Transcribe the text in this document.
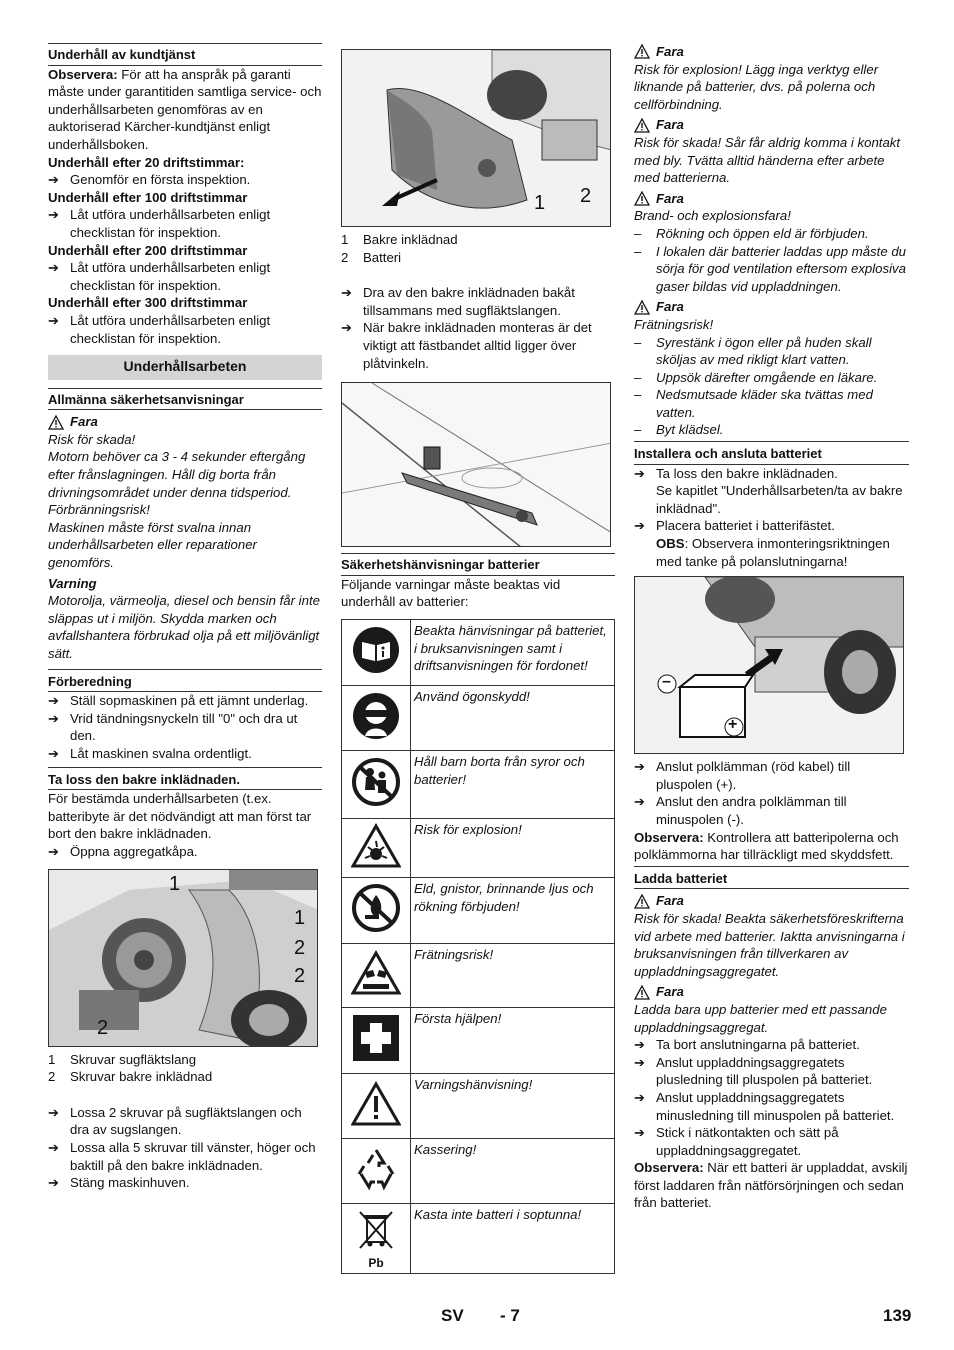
Underhåll av kundtjänst

Observera: För att ha anspråk på garanti måste under garantitiden samtliga service- och underhållsarbeten genomföras av en auktoriserad Kärcher-kundtjänst enligt underhållsboken.

Underhåll efter 20 driftstimmar:

➔ Genomför en första inspektion.

Underhåll efter 100 driftstimmar

➔ Låt utföra underhållsarbeten enligt checklistan för inspektion.

Underhåll efter 200 driftstimmar

➔ Låt utföra underhållsarbeten enligt checklistan för inspektion.

Underhåll efter 300 driftstimmar

➔ Låt utföra underhållsarbeten enligt checklistan för inspektion.

Underhållsarbeten
Allmänna säkerhetsanvisningar
Fara

Risk för skada!

Motorn behöver ca 3 - 4 sekunder eftergång efter frånslagningen. Håll dig borta från drivningsområdet under denna tidsperiod.

Förbränningsrisk!

Maskinen måste först svalna innan underhållsarbeten eller reparationer genomförs.

Varning

Motorolja, värmeolja, diesel och bensin får inte släppas ut i miljön. Skydda marken och avfallshantera förbrukad olja på ett miljövänligt sätt.

Förberedning

➔ Ställ sopmaskinen på ett jämnt underlag.

➔ Vrid tändningsnyckeln till "0" och dra ut den.

➔ Låt maskinen svalna ordentligt.

Ta loss den bakre inklädnaden.

För bestämda underhållsarbeten (t.ex. batteribyte är det nödvändigt att man först tar bort den bakre inklädnaden.

➔ Öppna aggregatkåpa.

1
1
2
2
2

1 Skruvar sugfläktslang

2 Skruvar bakre inklädnad

➔ Lossa 2 skruvar på sugfläktslangen och dra av sugslangen.

➔ Lossa alla 5 skruvar till vänster, höger och baktill på den bakre inklädnaden.

➔ Stäng maskinhuven.

1 2

1 Bakre inklädnad

2 Batteri

➔ Dra av den bakre inklädnaden bakåt tillsammans med sugfläktslangen.

➔ När bakre inklädnaden monteras är det viktigt att fästbandet alltid ligger över plåtvinkeln.

Säkerhetshänvisningar batterier

Följande varningar måste beaktas vid underhåll av batterier:

	Beakta hänvisningar på batteriet, i bruksanvisningen samt i driftsanvisningen för fordonet!
	Använd ögonskydd!
	Håll barn borta från syror och batterier!
	Risk för explosion!
	Eld, gnistor, brinnande ljus och rökning förbjuden!
	Frätningsrisk!
	Första hjälpen!
	Varningshänvisning!
	Kassering!

Pb	Kasta inte batteri i soptunna!
Fara

Risk för explosion! Lägg inga verktyg eller liknande på batterier, dvs. på polerna och cellförbindning.

Fara

Risk för skada! Sår får aldrig komma i kontakt med bly. Tvätta alltid händerna efter arbete med batterierna.

Fara

Brand- och explosionsfara!

– Rökning och öppen eld är förbjuden.

– I lokalen där batterier laddas upp måste du sörja för god ventilation eftersom explosiva gaser bildas vid uppladdningen.

Fara

Frätningsrisk!

– Syrestänk i ögon eller på huden skall sköljas av med rikligt klart vatten.

– Uppsök därefter omgående en läkare.

– Nedsmutsade kläder ska tvättas med vatten.

– Byt klädsel.

Installera och ansluta batteriet

➔ Ta loss den bakre inklädnaden.

Se kapitlet "Underhållsarbeten/ta av bakre inklädnad".

➔ Placera batteriet i batterifästet.

OBS: Observera inmonteringsriktningen med tanke på polanslutningarna!

–
+

➔ Anslut polklämman (röd kabel) till pluspolen (+).

➔ Anslut den andra polklämman till minuspolen (-).

Observera: Kontrollera att batteripolerna och polklämmorna har tillräckligt med skyddsfett.

Ladda batteriet
Fara

Risk för skada! Beakta säkerhetsföreskrifterna vid arbete med batterier. Iaktta anvisningarna i bruksanvisningen från tillverkaren av uppladdningsaggregatet.

Fara

Ladda bara upp batterier med ett passande uppladdningsaggregat.

➔ Ta bort anslutningarna på batteriet.

➔ Anslut uppladdningsaggregatets plusledning till pluspolen på batteriet.

➔ Anslut uppladdningsaggregatets minusledning till minuspolen på batteriet.

➔ Stick i nätkontakten och sätt på uppladdningsaggregatet.

Observera: När ett batteri är uppladdat, avskilj först laddaren från nätförsörjningen och sedan från batteriet.

SV - 7	139
